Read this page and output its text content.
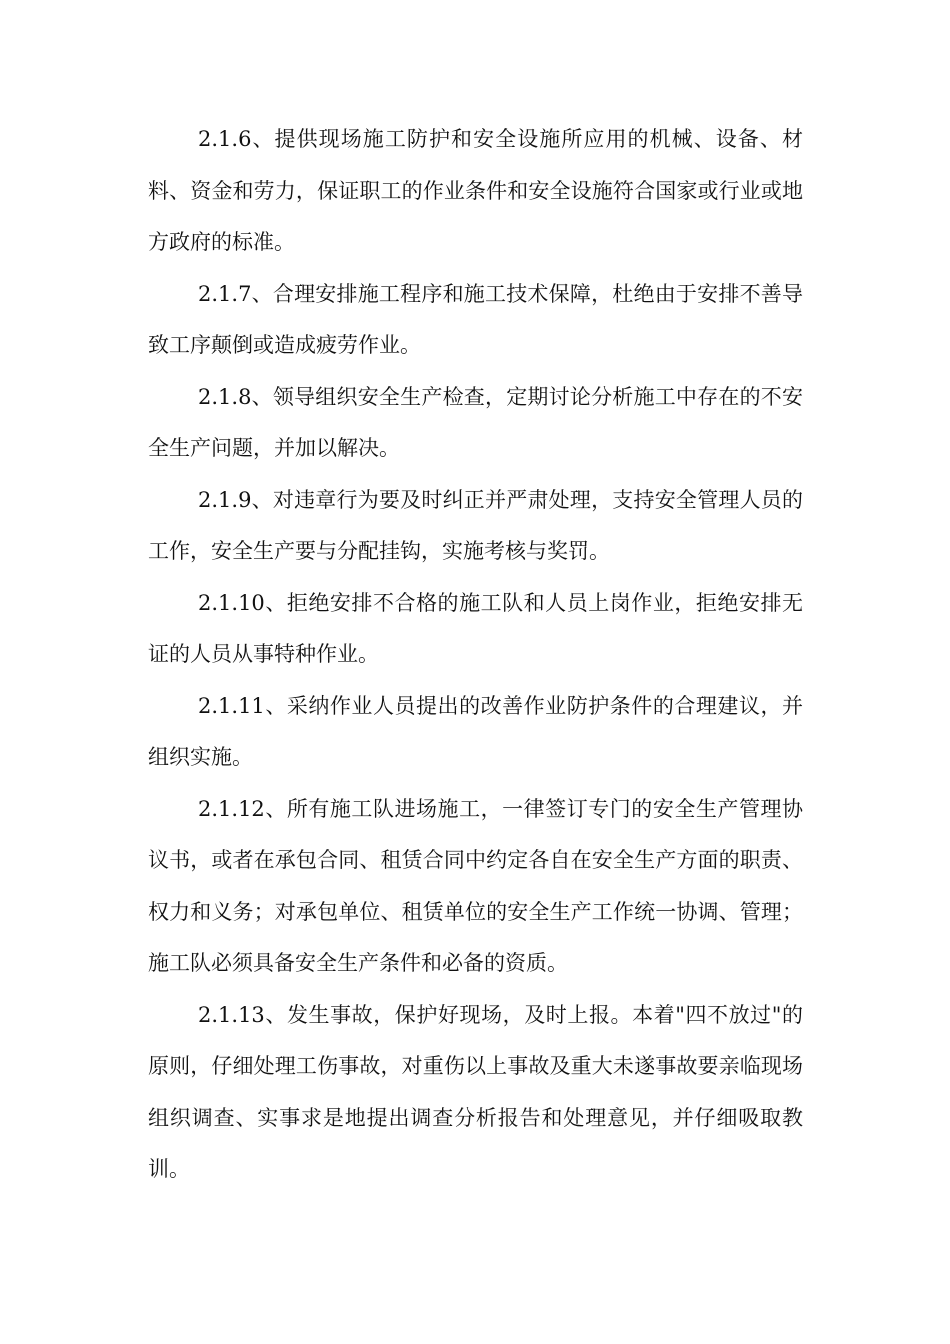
2.1.6、提供现场施工防护和安全设施所应用的机械、设备、材料、资金和劳力，保证职工的作业条件和安全设施符合国家或行业或地方政府的标准。

2.1.7、合理安排施工程序和施工技术保障，杜绝由于安排不善导致工序颠倒或造成疲劳作业。

2.1.8、领导组织安全生产检查，定期讨论分析施工中存在的不安全生产问题，并加以解决。

2.1.9、对违章行为要及时纠正并严肃处理，支持安全管理人员的工作，安全生产要与分配挂钩，实施考核与奖罚。

2.1.10、拒绝安排不合格的施工队和人员上岗作业，拒绝安排无证的人员从事特种作业。

2.1.11、采纳作业人员提出的改善作业防护条件的合理建议，并组织实施。

2.1.12、所有施工队进场施工，一律签订专门的安全生产管理协议书，或者在承包合同、租赁合同中约定各自在安全生产方面的职责、权力和义务；对承包单位、租赁单位的安全生产工作统一协调、管理；施工队必须具备安全生产条件和必备的资质。

2.1.13、发生事故，保护好现场，及时上报。本着"四不放过"的原则，仔细处理工伤事故，对重伤以上事故及重大未遂事故要亲临现场组织调查、实事求是地提出调查分析报告和处理意见，并仔细吸取教训。
